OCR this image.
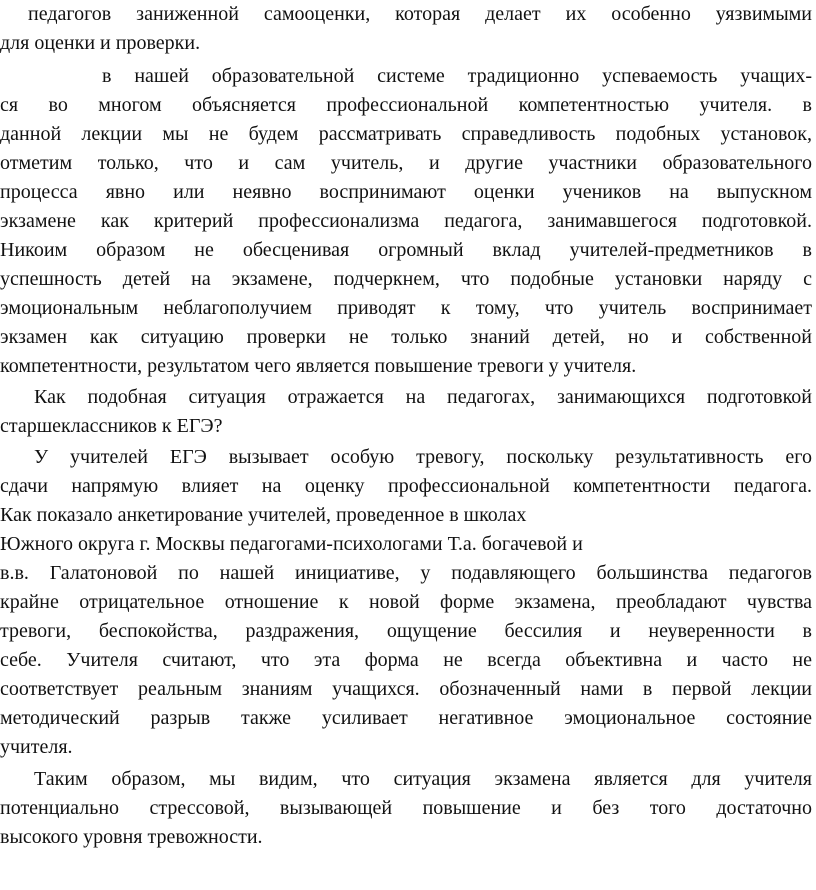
педагогов заниженной самооценки, которая делает их особенно уязвимыми
для оценки и проверки.
в нашей образовательной системе традиционно успеваемость учащих-
ся во многом объясняется профессиональной компетентностью учителя. в
данной лекции мы не будем рассматривать справедливость подобных установок,
отметим только, что и сам учитель, и другие участники образовательного
процесса явно или неявно воспринимают оценки учеников на выпускном
экзамене как критерий профессионализма педагога, занимавшегося подготовкой.
Никоим образом не обесценивая огромный вклад учителей-предметников в
успешность детей на экзамене, подчеркнем, что подобные установки наряду с
эмоциональным неблагополучием приводят к тому, что учитель воспринимает
экзамен как ситуацию проверки не только знаний детей, но и собственной
компетентности, результатом чего является повышение тревоги у учителя.
Как подобная ситуация отражается на педагогах, занимающихся подготовкой
старшеклассников к ЕГЭ?
У учителей ЕГЭ вызывает особую тревогу, поскольку результативность его
сдачи напрямую влияет на оценку профессиональной компетентности педагога.
Как показало анкетирование учителей, проведенное в школах
Южного округа г. Москвы педагогами-психологами Т.а. богачевой и
в.в. Галатоновой по нашей инициативе, у подавляющего большинства педагогов
крайне отрицательное отношение к новой форме экзамена, преобладают чувства
тревоги, беспокойства, раздражения, ощущение бессилия и неуверенности в
себе. Учителя считают, что эта форма не всегда объективна и часто не
соответствует реальным знаниям учащихся. обозначенный нами в первой лекции
методический разрыв также усиливает негативное эмоциональное состояние
учителя.
Таким образом, мы видим, что ситуация экзамена является для учителя
потенциально стрессовой, вызывающей повышение и без того достаточно
высокого уровня тревожности.
